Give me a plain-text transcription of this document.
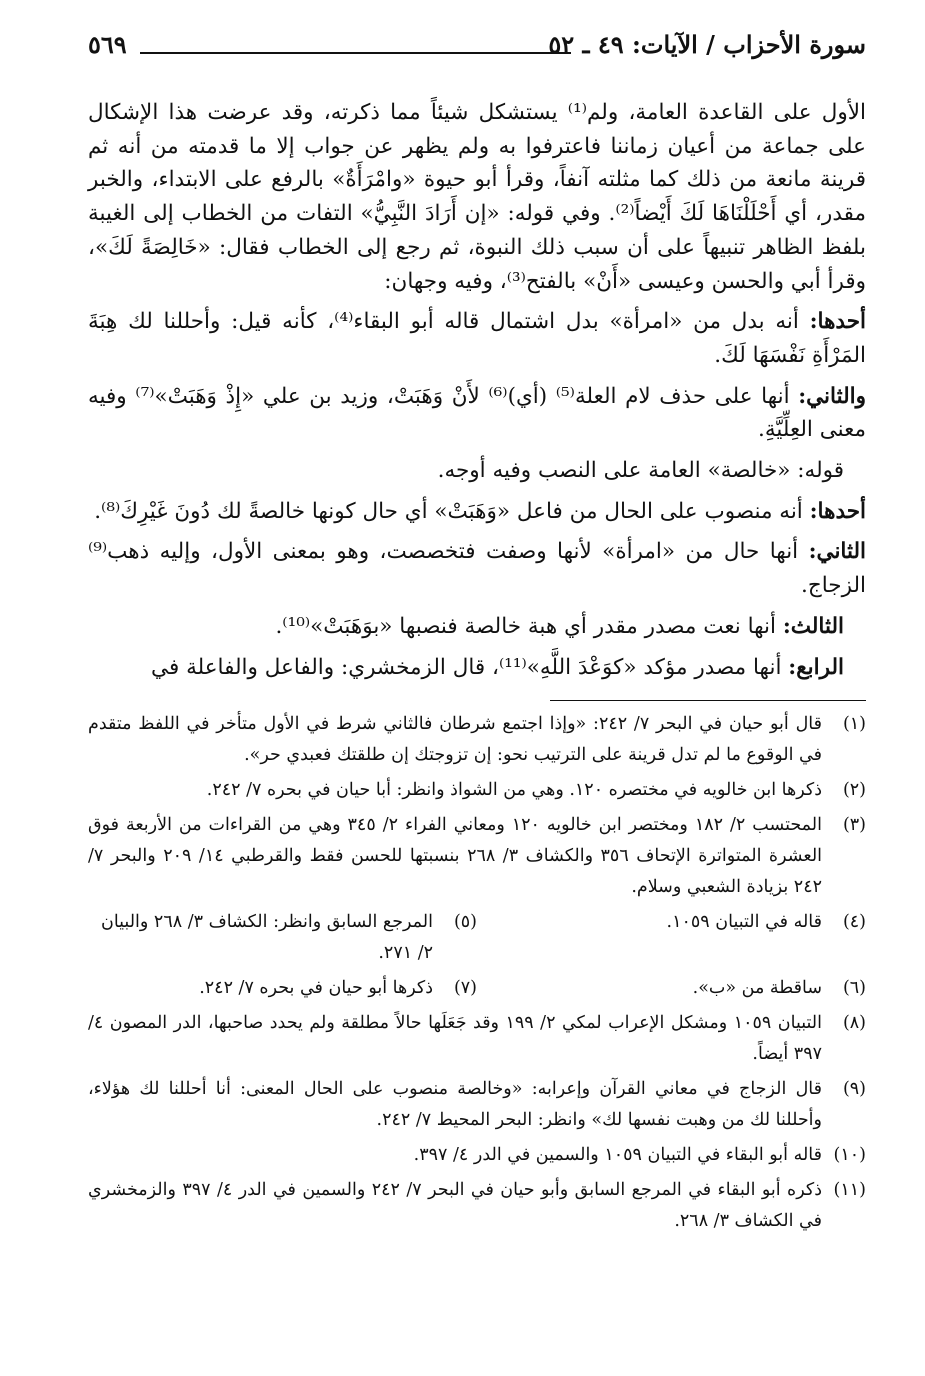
سورة الأحزاب / الآيات: ٤٩ ـ ٥٢
٥٦٩

الأول على القاعدة العامة، ولم⁽¹⁾ يستشكل شيئاً مما ذكرته، وقد عرضت هذا الإشكال على جماعة من أعيان زماننا فاعترفوا به ولم يظهر عن جواب إلا ما قدمته من أنه ثم قرينة مانعة من ذلك كما مثلته آنفاً، وقرأ أبو حيوة «وامْرَأَةٌ» بالرفع على الابتداء، والخبر مقدر، أي أَحْلَلْنَاهَا لَكَ أَيْضاً⁽²⁾. وفي قوله: «إن أَرَادَ النَّبِيُّ» التفات من الخطاب إلى الغيبة بلفظ الظاهر تنبيهاً على أن سبب ذلك النبوة، ثم رجع إلى الخطاب فقال: «خَالِصَةً لَكَ»، وقرأ أبي والحسن وعيسى «أَنْ» بالفتح⁽³⁾، وفيه وجهان:

أحدها: أنه بدل من «امرأة» بدل اشتمال قاله أبو البقاء⁽⁴⁾، كأنه قيل: وأحللنا لك هِبَةَ المَرْأَةِ نَفْسَهَا لَكَ.

والثاني: أنها على حذف لام العلة⁽⁵⁾ (أي)⁽⁶⁾ لأَنْ وَهَبَتْ، وزيد بن علي «إِذْ وَهَبَتْ»⁽⁷⁾ وفيه معنى العِلِّيَّةِ.

قوله: «خالصة» العامة على النصب وفيه أوجه.

أحدها: أنه منصوب على الحال من فاعل «وَهَبَتْ» أي حال كونها خالصةً لك دُونَ غَيْرِكَ⁽⁸⁾.

الثاني: أنها حال من «امرأة» لأنها وصفت فتخصصت، وهو بمعنى الأول، وإليه ذهب⁽⁹⁾ الزجاج.

الثالث: أنها نعت مصدر مقدر أي هبة خالصة فنصبها «بوَهَبَتْ»⁽¹⁰⁾.

الرابع: أنها مصدر مؤكد «كوَعْدَ اللَّهِ»⁽¹¹⁾، قال الزمخشري: والفاعل والفاعلة في

(١)
قال أبو حيان في البحر ٧/ ٢٤٢: «وإذا اجتمع شرطان فالثاني شرط في الأول متأخر في اللفظ متقدم في الوقوع ما لم تدل قرينة على الترتيب نحو: إن تزوجتك إن طلقتك فعبدي حر».
(٢)
ذكرها ابن خالويه في مختصره ١٢٠. وهي من الشواذ وانظر: أبا حيان في بحره ٧/ ٢٤٢.
(٣)
المحتسب ٢/ ١٨٢ ومختصر ابن خالويه ١٢٠ ومعاني الفراء ٢/ ٣٤٥ وهي من القراءات من الأربعة فوق العشرة المتواترة الإتحاف ٣٥٦ والكشاف ٣/ ٢٦٨ بنسبتها للحسن فقط والقرطبي ١٤/ ٢٠٩ والبحر ٧/ ٢٤٢ بزيادة الشعبي وسلام.
(٤)
قاله في التبيان ١٠٥٩.
(٥)
المرجع السابق وانظر: الكشاف ٣/ ٢٦٨ والبيان ٢/ ٢٧١.
(٦)
ساقطة من «ب».
(٧)
ذكرها أبو حيان في بحره ٧/ ٢٤٢.
(٨)
التبيان ١٠٥٩ ومشكل الإعراب لمكي ٢/ ١٩٩ وقد جَعَلَها حالاً مطلقة ولم يحدد صاحبها، الدر المصون ٤/ ٣٩٧ أيضاً.
(٩)
قال الزجاج في معاني القرآن وإعرابه: «وخالصة منصوب على الحال المعنى: أنا أحللنا لك هؤلاء، وأحللنا لك من وهبت نفسها لك» وانظر: البحر المحيط ٧/ ٢٤٢.
(١٠)
قاله أبو البقاء في التبيان ١٠٥٩ والسمين في الدر ٤/ ٣٩٧.
(١١)
ذكره أبو البقاء في المرجع السابق وأبو حيان في البحر ٧/ ٢٤٢ والسمين في الدر ٤/ ٣٩٧ والزمخشري في الكشاف ٣/ ٢٦٨.
